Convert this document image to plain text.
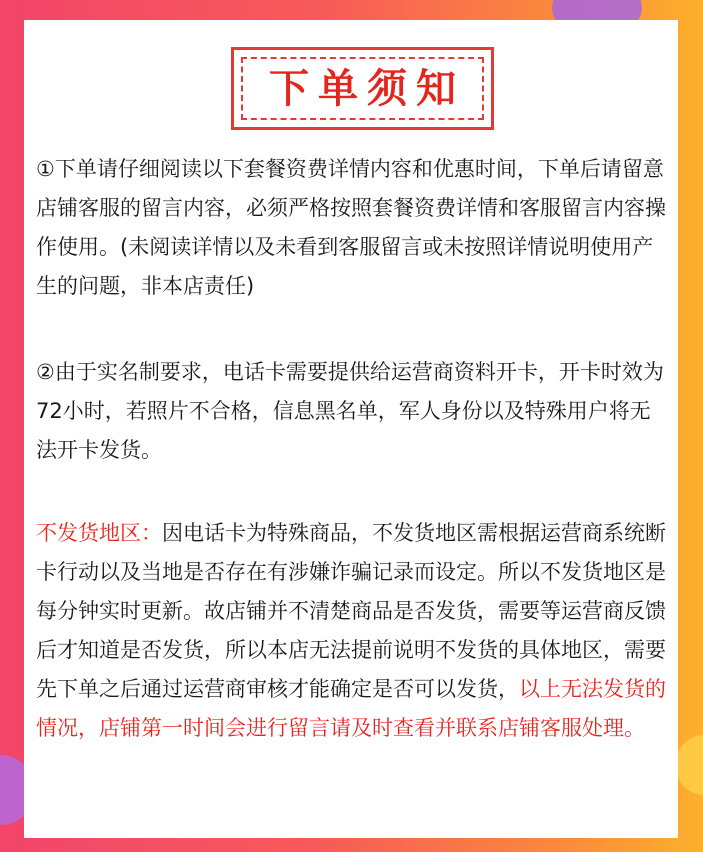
下单须知

①下单请仔细阅读以下套餐资费详情内容和优惠时间，下单后请留意店铺客服的留言内容，必须严格按照套餐资费详情和客服留言内容操作使用。(未阅读详情以及未看到客服留言或未按照详情说明使用产生的问题，非本店责任)

②由于实名制要求，电话卡需要提供给运营商资料开卡，开卡时效为72小时，若照片不合格，信息黑名单，军人身份以及特殊用户将无法开卡发货。

不发货地区：因电话卡为特殊商品，不发货地区需根据运营商系统断卡行动以及当地是否存在有涉嫌诈骗记录而设定。所以不发货地区是每分钟实时更新。故店铺并不清楚商品是否发货，需要等运营商反馈后才知道是否发货，所以本店无法提前说明不发货的具体地区，需要先下单之后通过运营商审核才能确定是否可以发货，以上无法发货的情况，店铺第一时间会进行留言请及时查看并联系店铺客服处理。
